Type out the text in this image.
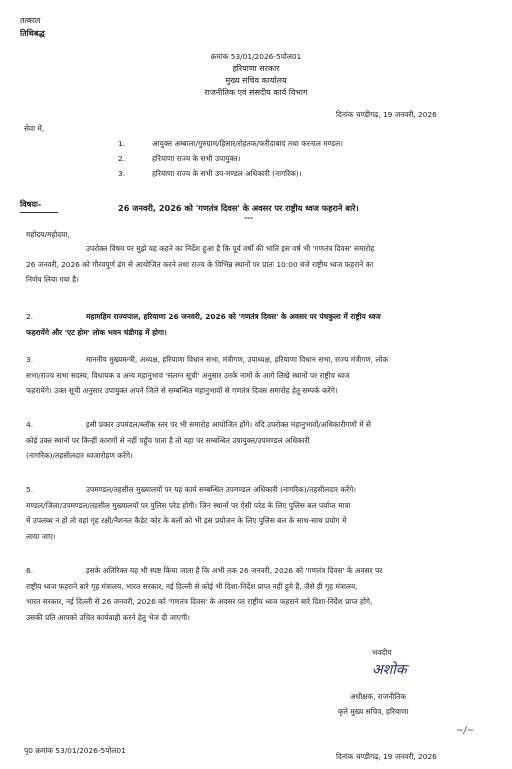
तत्काल
तिथिबद्ध
क्रमांक 53/01/2026-5पोल01
हरियाणा सरकार
मुख्य सचिव कार्यालय
राजनीतिक एवं संसदीय कार्य विभाग
दिनांक चण्डीगढ़, 19 जनवरी, 2026
सेवा में,
1.	आयुक्त अम्बाला/गुरुग्राम/हिसार/रोहतक/फरीदाबाद तथा करनाल मण्डल।
2.	हरियाणा राज्य के सभी उपायुक्त।
3.	हरियाणा राज्य के सभी उप-मण्डल अधिकारी (नागरिक)।
विषयः-	26 जनवरी, 2026 को 'गणतंत्र दिवस' के अवसर पर राष्ट्रीय ध्वज फहराने बारे।
---
महोदय/महोदया,
उपरोक्त विषय पर मुझे यह कहने का निर्देश हुआ है कि पूर्व वर्षों की भांति इस वर्ष भी 'गणतंत्र दिवस' समारोह
26 जनवरी, 2026 को गौरवपूर्ण ढंग से आयोजित करने तथा राज्य के विभिन्न स्थानों पर प्रातः 10:00 बजे राष्ट्रीय ध्वज फहराने का
निर्णय लिया गया है।
2.	महामहिम राज्यपाल, हरियाणा 26 जनवरी, 2026 को 'गणतंत्र दिवस' के अवसर पर पंचकुला में राष्ट्रीय ध्वज
फहरायेंगे और 'एट होम' लोक भवन चंडीगढ़ में होगा।
3.	माननीय मुख्यमन्त्री, अध्यक्ष, हरियाणा विधान सभा, मंत्रीगण, उपाध्यक्ष, हरियाणा विधान सभा, राज्य मंत्रीगण, लोक
सभा/राज्य सभा सदस्य, विधायक व अन्य महानुभाव 'संलग्न सूची' अनुसार उनके नामों के आगे लिखे स्थानों पर राष्ट्रीय ध्वज
फहरायेंगे। उक्त सूची अनुसार उपायुक्त अपने जिले से सम्बन्धित महानुभावों से गणतंत्र दिवस समारोह हेतु सम्पर्क करेंगे।
4.	इसी प्रकार उपमंडल/ब्लॉक स्तर पर भी समारोह आयोजित होंगे। यदि उपरोक्त महानुभावों/अधिकारीगणों में से
कोई उक्त स्थानों पर किन्हीं कारणों से नहीं पहुँच पाता है तो वहा पर सम्बन्धित उपायुक्त/उपमण्डल अधिकारी
(नागरिक)/तहसीलदार ध्वजारोहण करेंगे।
5.	उपमण्डल/तहसील मुख्यालयों पर यह कार्य सम्बन्धित उपमण्डल अधिकारी (नागरिक)/तहसीलदार करेंगे।
मण्डल/जिला/उपमण्डल/तहसील मुख्यालयों पर पुलिस परेड होगी। जिन स्थानों पर ऐसी परेड के लिए पुलिस बल पर्याप्त मात्रा
में उपलब्ध न हों तो वहां गृह रक्षी/नैशनल कैडेट कोर के बलों को भी इस प्रयोजन के लिए पुलिस बल के साथ-साथ प्रयोग में
लाया जाए।
6.	इसके अतिरिक्त यह भी स्पष्ट किया जाता है कि अभी तक 26 जनवरी, 2026 को 'गणतंत्र दिवस' के अवसर पर
राष्ट्रीय ध्वज फहराने बारे गृह मंत्रालय, भारत सरकार, नई दिल्ली से कोई भी दिशा-निर्देश प्राप्त नहीं हुये हैं, जैसे ही गृह मंत्रालय,
भारत सरकार, नई दिल्ली से 26 जनवरी, 2026 को 'गणतंत्र दिवस' के अवसर पर राष्ट्रीय ध्वज फहराने बारे दिशा-निर्देश प्राप्त होंगे,
उसकी प्रति आपको उचित कार्यवाही करने हेतु भेज दी जाएगी।
भवदीय
अशोक
अधीक्षक, राजनीतिक
कृते मुख्य सचिव, हरियाणा
~/~
पृ0 क्रमांक 53/01/2026-5पोल01
दिनांक चण्डीगढ़, 19 जनवरी, 2026
